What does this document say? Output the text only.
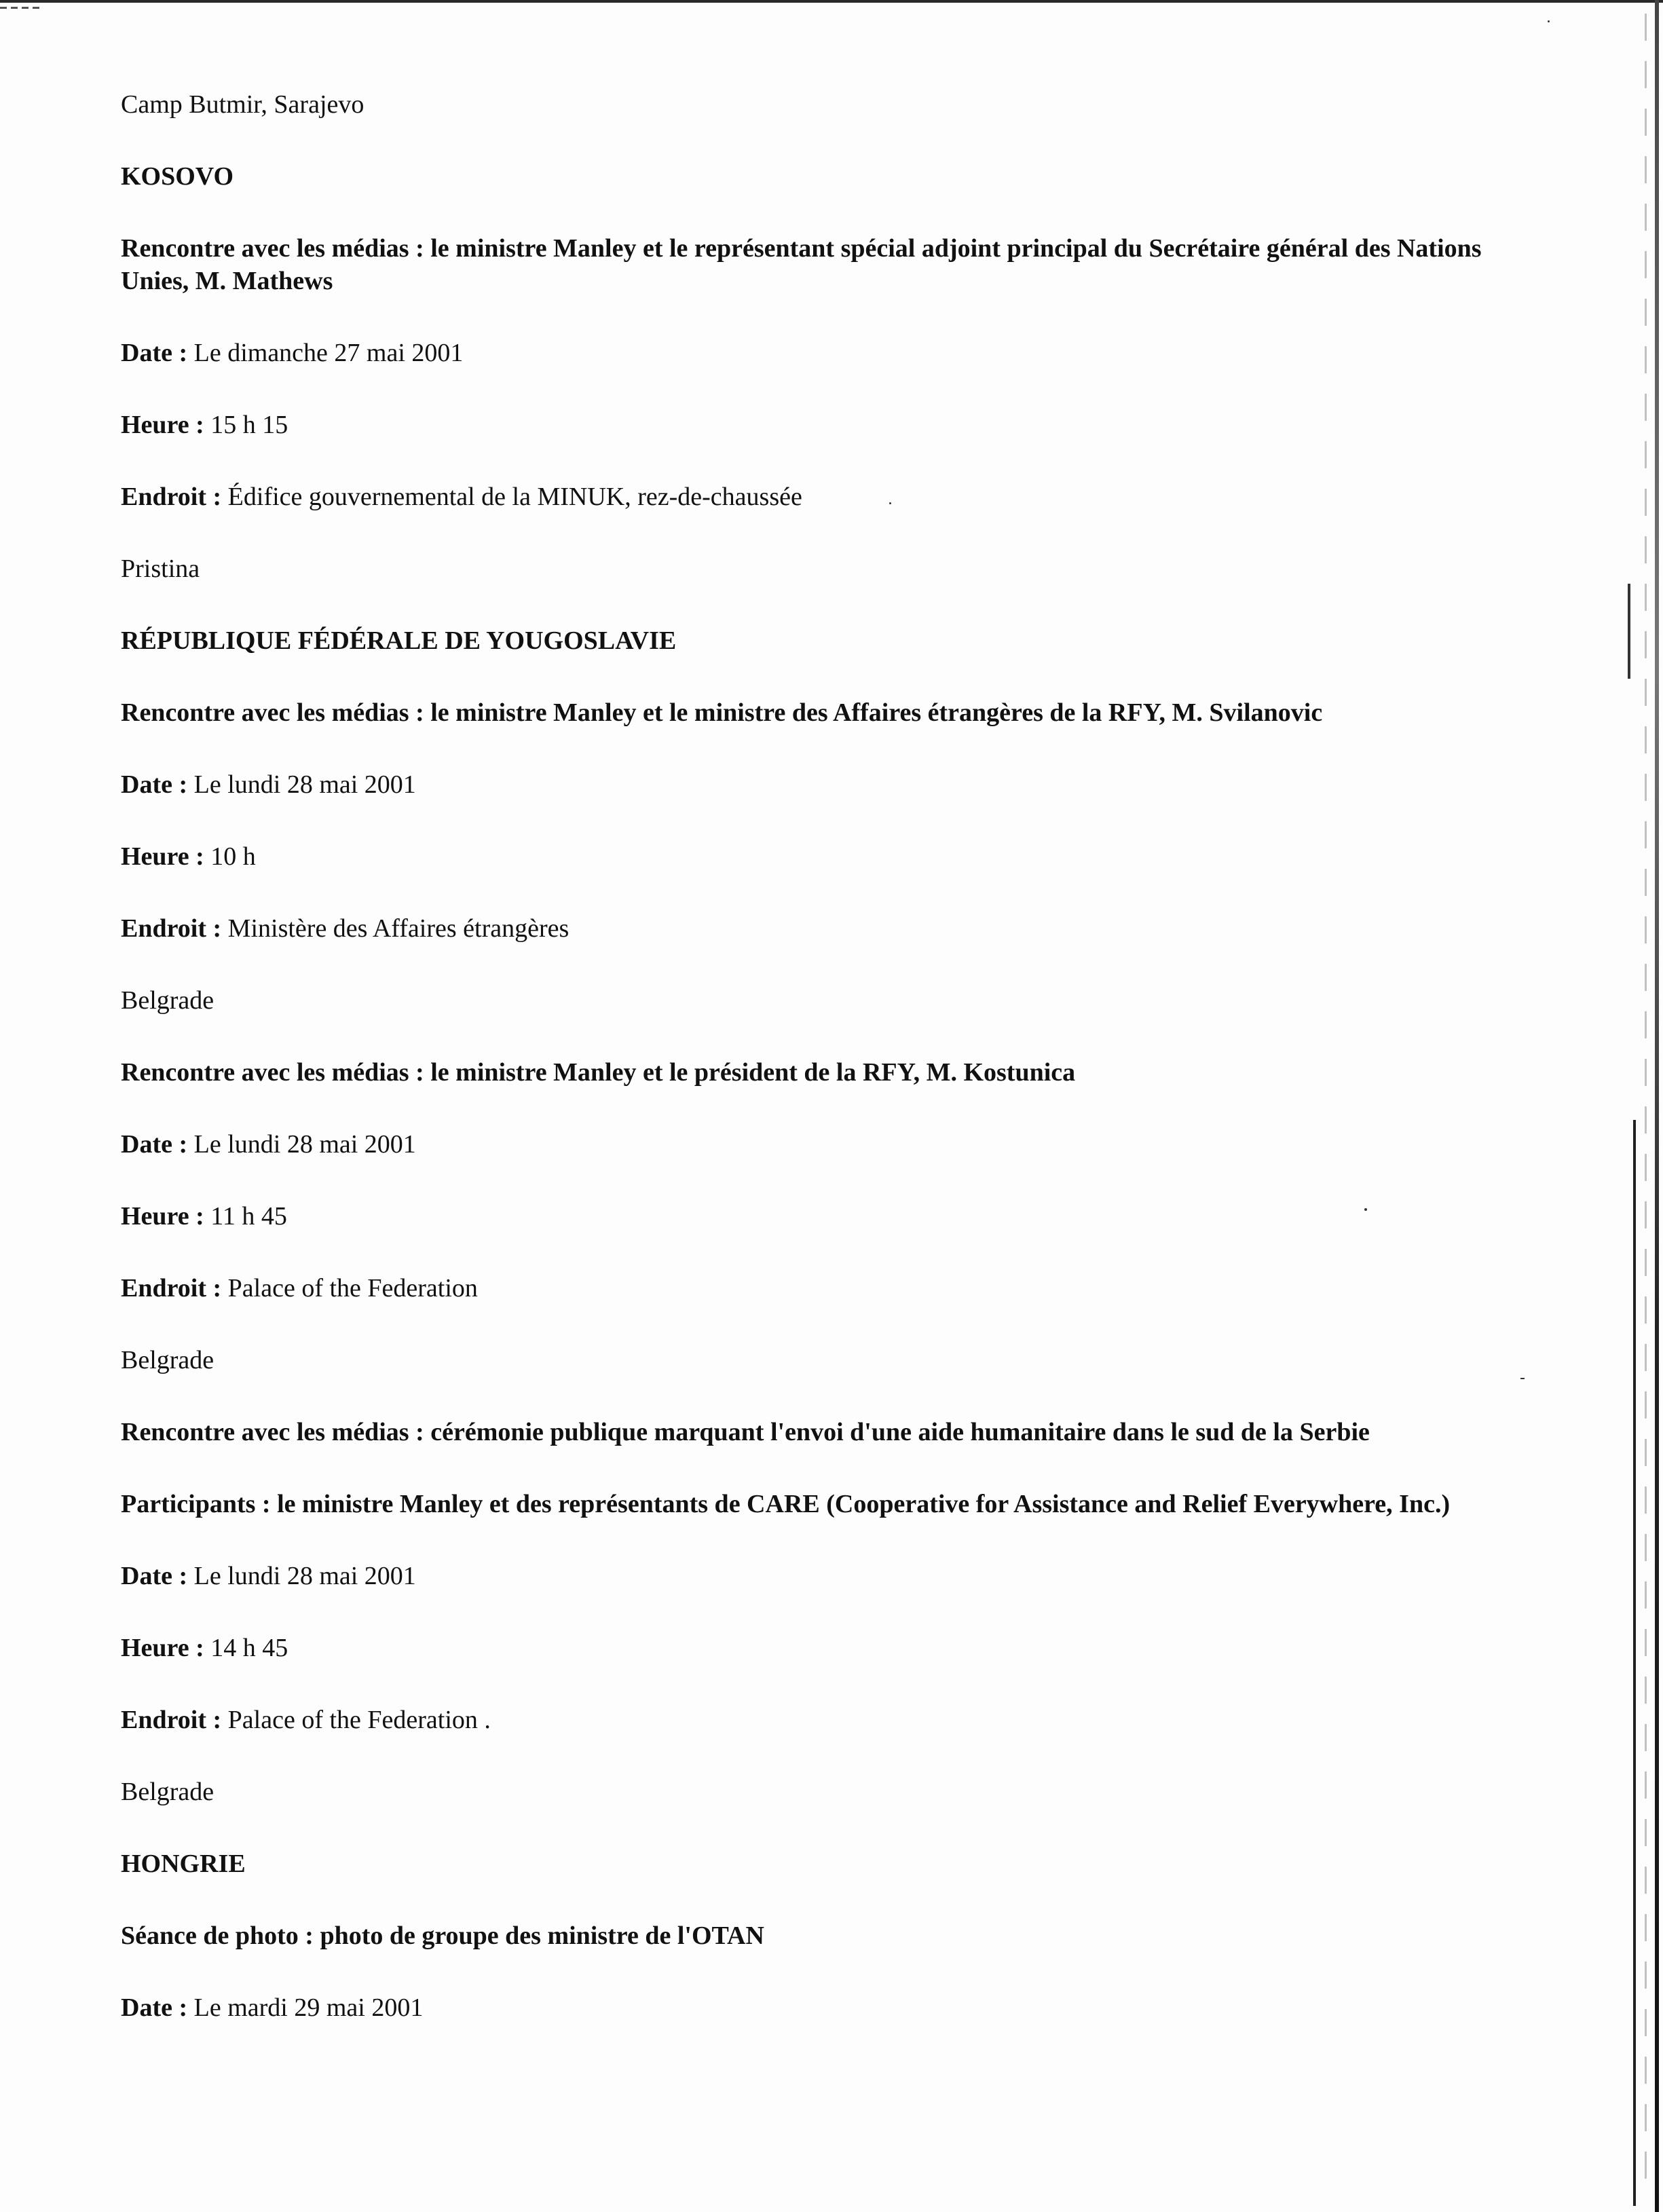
Camp Butmir, Sarajevo
KOSOVO
Rencontre avec les médias : le ministre Manley et le représentant spécial adjoint principal du Secrétaire général des Nations Unies, M. Mathews
Date : Le dimanche 27 mai 2001
Heure : 15 h 15
Endroit : Édifice gouvernemental de la MINUK, rez-de-chaussée
Pristina
RÉPUBLIQUE FÉDÉRALE DE YOUGOSLAVIE
Rencontre avec les médias : le ministre Manley et le ministre des Affaires étrangères de la RFY, M. Svilanovic
Date : Le lundi 28 mai 2001
Heure : 10 h
Endroit : Ministère des Affaires étrangères
Belgrade
Rencontre avec les médias : le ministre Manley et le président de la RFY, M. Kostunica
Date : Le lundi 28 mai 2001
Heure : 11 h 45
Endroit : Palace of the Federation
Belgrade
Rencontre avec les médias : cérémonie publique marquant l'envoi d'une aide humanitaire dans le sud de la Serbie
Participants : le ministre Manley et des représentants de CARE (Cooperative for Assistance and Relief Everywhere, Inc.)
Date : Le lundi 28 mai 2001
Heure : 14 h 45
Endroit : Palace of the Federation .
Belgrade
HONGRIE
Séance de photo : photo de groupe des ministre de l'OTAN
Date : Le mardi 29 mai 2001
